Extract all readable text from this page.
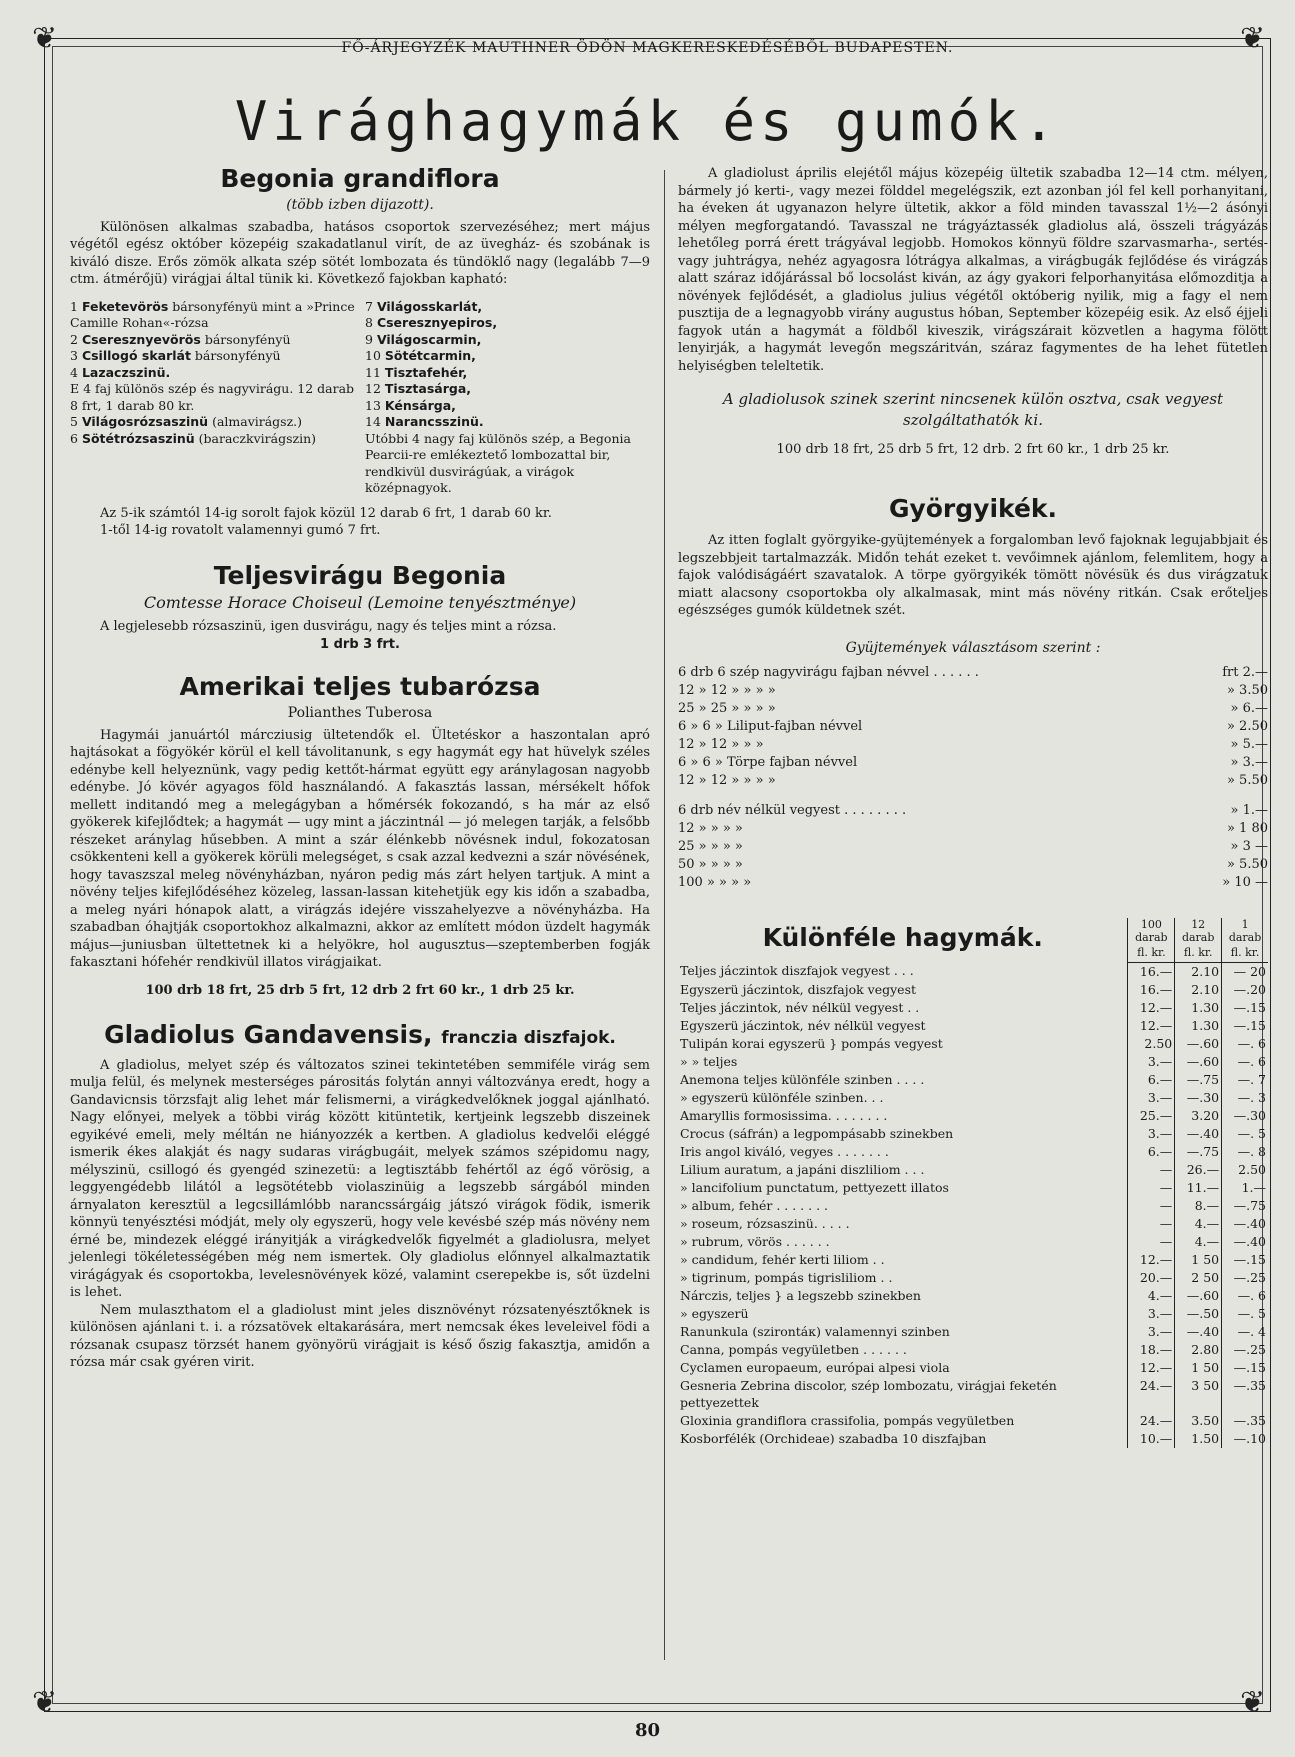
❦	❦
❦	❦
FŐ-ÁRJEGYZÉK MAUTHNER ÖDÖN MAGKERESKEDÉSÉBŐL BUDAPESTEN.
Virághagymák és gumók.
Begonia grandiflora
(több izben dijazott).

Különösen alkalmas szabadba, hatásos csoportok szervezéséhez; mert május végétől egész október közepéig szakadatlanul virít, de az üvegház- és szobának is kiváló disze. Erős zömök alkata szép sötét lombozata és tündöklő nagy (legalább 7—9 ctm. átmérőjü) virágjai által tünik ki. Következő fajokban kapható:

1 Feketevörös bársonyfényü mint a »Prince Camille Rohan«-rózsa
2 Cseresznyevörös bársonyfényü
3 Csillogó skarlát bársonyfényü
4 Lazaczszinü.
E 4 faj különös szép és nagyvirágu. 12 darab 8 frt, 1 darab 80 kr.
5 Világosrózsaszinü (almavirágsz.)
6 Sötétrózsaszinü (baraczkvirágszin)
7 Világosskarlát,
8 Cseresznyepiros,
9 Világoscarmin,
10 Sötétcarmin,
11 Tisztafehér,
12 Tisztasárga,
13 Kénsárga,
14 Narancsszinü.
Utóbbi 4 nagy faj különös szép, a Begonia Pearcii-re emlékeztető lombozattal bir, rendkivül dusvirágúak, a virágok középnagyok.

Az 5-ik számtól 14-ig sorolt fajok közül 12 darab 6 frt, 1 darab 60 kr.

1-től 14-ig rovatolt valamennyi gumó 7 frt.

Teljesvirágu Begonia
Comtesse Horace Choiseul (Lemoine tenyésztménye)

A legjelesebb rózsaszinü, igen dusvirágu, nagy és teljes mint a rózsa.

1 drb 3 frt.

Amerikai teljes tubarózsa
Polianthes Tuberosa

Hagymái januártól márcziusig ültetendők el. Ültetéskor a haszontalan apró hajtásokat a fögyökér körül el kell távolitanunk, s egy hagymát egy hat hüvelyk széles edénybe kell helyeznünk, vagy pedig kettőt-hármat együtt egy aránylagosan nagyobb edénybe. Jó kövér agyagos föld használandó. A fakasztás lassan, mérsékelt hőfok mellett inditandó meg a melegágyban a hőmérsék fokozandó, s ha már az első gyökerek kifejlődtek; a hagymát — ugy mint a jáczintnál — jó melegen tarják, a felsőbb részeket aránylag hűsebben. A mint a szár élénkebb növésnek indul, fokozatosan csökkenteni kell a gyökerek körüli melegséget, s csak azzal kedvezni a szár növésének, hogy tavaszszal meleg növényházban, nyáron pedig más zárt helyen tartjuk. A mint a növény teljes kifejlődéséhez közeleg, lassan-lassan kitehetjük egy kis időn a szabadba, a meleg nyári hónapok alatt, a virágzás idejére visszahelyezve a növényházba. Ha szabadban óhajtják csoportokhoz alkalmazni, akkor az említett módon üzdelt hagymák május—juniusban ültettetnek ki a helyökre, hol augusztus—szeptemberben fogják fakasztani hófehér rendkivül illatos virágjaikat.

100 drb 18 frt, 25 drb 5 frt, 12 drb 2 frt 60 kr., 1 drb 25 kr.

Gladiolus Gandavensis, franczia diszfajok.

A gladiolus, melyet szép és változatos szinei tekintetében semmiféle virág sem mulja felül, és melynek mesterséges párositás folytán annyi változványa eredt, hogy a Gandavicnsis törzsfajt alig lehet már felismerni, a virágkedvelőknek joggal ajánlható. Nagy előnyei, melyek a többi virág között kitüntetik, kertjeink legszebb diszeinek egyikévé emeli, mely méltán ne hiányozzék a kertben. A gladiolus kedvelői eléggé ismerik ékes alakját és nagy sudaras virágbugáit, melyek számos szépidomu nagy, mélyszinü, csillogó és gyengéd szinezetü: a legtisztább fehértől az égő vörösig, a leggyengédebb lilától a legsötétebb violaszinüig a legszebb sárgából minden árnyalaton keresztül a legcsillámlóbb narancssárgáig játszó virágok födik, ismerik könnyü tenyésztési módját, mely oly egyszerü, hogy vele kevésbé szép más növény nem érné be, mindezek eléggé irányitják a virágkedvelők figyelmét a gladiolusra, melyet jelenlegi tökéletességében még nem ismertek. Oly gladiolus előnnyel alkalmaztatik virágágyak és csoportokba, levelesnövények közé, valamint cserepekbe is, sőt üzdelni is lehet.

Nem mulaszthatom el a gladiolust mint jeles disznövényt rózsatenyésztőknek is különösen ajánlani t. i. a rózsatövek eltakarására, mert nemcsak ékes leveleivel födi a rózsanak csupasz törzsét hanem gyönyörü virágjait is késő őszig fakasztja, amidőn a rózsa már csak gyéren virit.

A gladiolust április elejétől május közepéig ültetik szabadba 12—14 ctm. mélyen, bármely jó kerti-, vagy mezei földdel megelégszik, ezt azonban jól fel kell porhanyitani, ha éveken át ugyanazon helyre ültetik, akkor a föld minden tavasszal 1½—2 ásónyi mélyen megforgatandó. Tavasszal ne trágyáztassék gladiolus alá, összeli trágyázás lehetőleg porrá érett trágyával legjobb. Homokos könnyü földre szarvasmarha-, sertés- vagy juhtrágya, nehéz agyagosra lótrágya alkalmas, a virágbugák fejlődése és virágzás alatt száraz időjárással bő locsolást kiván, az ágy gyakori felporhanyitása előmozditja a növények fejlődését, a gladiolus julius végétől októberig nyilik, mig a fagy el nem pusztija de a legnagyobb virány augustus hóban, September közepéig esik. Az első éjjeli fagyok után a hagymát a földből kiveszik, virágszárait közvetlen a hagyma fölött lenyirják, a hagymát levegőn megszáritván, száraz fagymentes de ha lehet fütetlen helyiségben teleltetik.

A gladiolusok szinek szerint nincsenek külön osztva, csak vegyest szolgáltathatók ki.

100 drb 18 frt, 25 drb 5 frt, 12 drb. 2 frt 60 kr., 1 drb 25 kr.

Györgyikék.

Az itten foglalt györgyike-gyüjtemények a forgalomban levő fajoknak legujabbjait és legszebbjeit tartalmazzák. Midőn tehát ezeket t. vevőimnek ajánlom, felemlitem, hogy a fajok valódiságáért szavatalok. A törpe györgyikék tömött növésük és dus virágzatuk miatt alacsony csoportokba oly alkalmasak, mint más növény ritkán. Csak erőteljes egészséges gumók küldetnek szét.

Gyüjtemények választásom szerint :
6 drb 6 szép nagyvirágu fajban névvel . . . . . .	frt 2.—
12 » 12 » » » »	» 3.50
25 » 25 » » » »	» 6.—
6 » 6 » Liliput-fajban névvel	» 2.50
12 » 12 » » »	» 5.—
6 » 6 » Törpe fajban névvel	» 3.—
12 » 12 » » » »	» 5.50
6 drb név nélkül vegyest . . . . . . . .	» 1.—
12 » » » »	» 1 80
25 » » » »	» 3 —
50 » » » »	» 5.50
100 » » » »	» 10 —
Különféle hagymák.	100 darab	12 darab	1 darab
	fl. kr.	fl. kr.	fl. kr.
Teljes jáczintok diszfajok vegyest . . .	16.—	2.10	— 20
Egyszerü jáczintok, diszfajok vegyest	16.—	2.10	—.20
Teljes jáczintok, név nélkül vegyest . .	12.—	1.30	—.15
Egyszerü jáczintok, név nélkül vegyest	12.—	1.30	—.15
Tulipán korai egyszerü } pompás vegyest	2.50	—.60	—. 6
» » teljes	3.—	—.60	—. 6
Anemona teljes különféle szinben . . . .	6.—	—.75	—. 7
» egyszerü különféle szinben. . .	3.—	—.30	—. 3
Amaryllis formosissima. . . . . . . .	25.—	3.20	—.30
Crocus (sáfrán) a legpompásabb szinekben	3.—	—.40	—. 5
Iris angol kiváló, vegyes . . . . . . .	6.—	—.75	—. 8
Lilium auratum, a japáni diszliliom . . .	—	26.—	2.50
» lancifolium punctatum, pettyezett illatos	—	11.—	1.—
» album, fehér . . . . . . .	—	8.—	—.75
» roseum, rózsaszinü. . . . .	—	4.—	—.40
» rubrum, vörös . . . . . .	—	4.—	—.40
» candidum, fehér kerti liliom . .	12.—	1 50	—.15
» tigrinum, pompás tigrisliliom . .	20.—	2 50	—.25
Nárczis, teljes } a legszebb szinekben	4.—	—.60	—. 6
» egyszerü	3.—	—.50	—. 5
Ranunkula (szirontáк) valamennyi szinben	3.—	—.40	—. 4
Canna, pompás vegyületben . . . . . .	18.—	2.80	—.25
Cyclamen europaeum, európai alpesi viola	12.—	1 50	—.15
Gesneria Zebrina discolor, szép lombozatu, virágjai feketén pettyezettek	24.—	3 50	—.35
Gloxinia grandiflora crassifolia, pompás vegyületben	24.—	3.50	—.35
Kosborfélék (Orchideae) szabadba 10 diszfajban	10.—	1.50	—.10
80
